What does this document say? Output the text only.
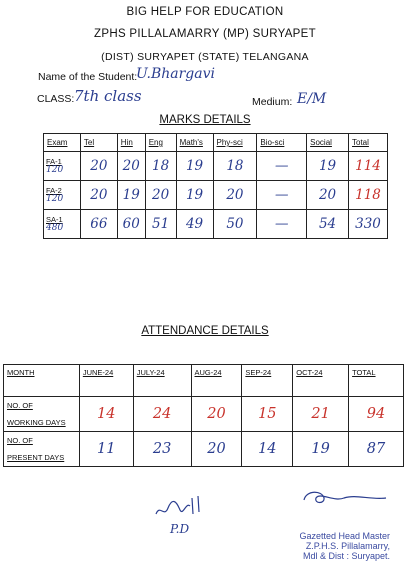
BIG HELP FOR EDUCATION
ZPHS PILLALAMARRY (MP) SURYAPET
(DIST) SURYAPET (STATE) TELANGANA
Name of the Student:
U.Bhargavi
CLASS: 7th class	Medium: E/M
MARKS DETAILS
Exam	Tel	Hin	Eng	Math's	Phy-sci	Bio-sci	Social	Total

FA-1
120	20	20	18	19	18	—	19	114

FA-2
120	20	19	20	19	20	—	20	118

SA-1
480	66	60	51	49	50	—	54	330
ATTENDANCE DETAILS
MONTH	JUNE-24	JULY-24	AUG-24	SEP-24	OCT-24	TOTAL

NO. OF
WORKING DAYS	14	24	20	15	21	94

NO. OF
PRESENT DAYS	11	23	20	14	19	87
P.D	Gazetted Head Master
Z.P.H.S. Pillalamarry,
Mdl & Dist : Suryapet.
